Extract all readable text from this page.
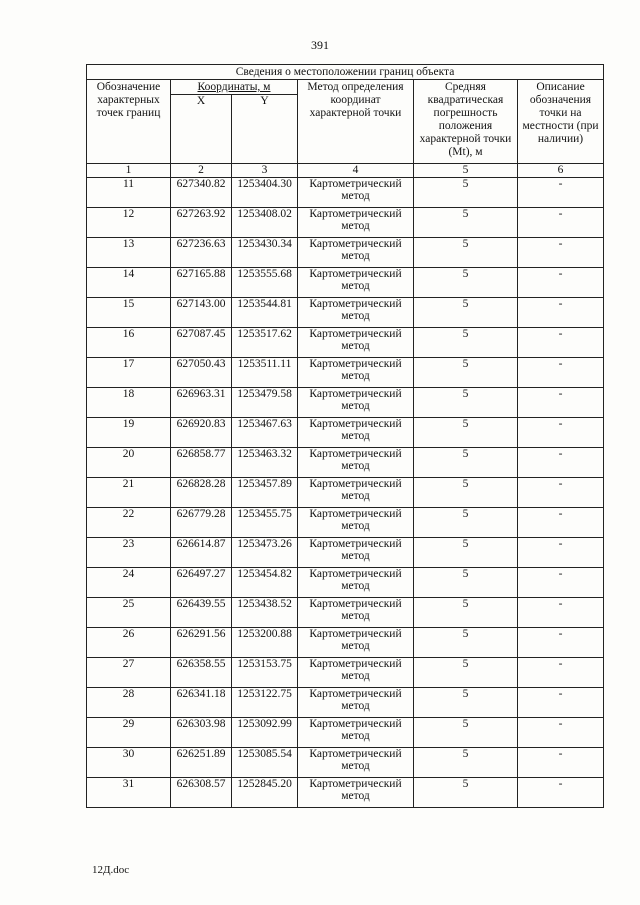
391
Сведения о местоположении границ объекта					
Обозначение характерных точек границ	Координаты, м		Метод определения координат характерной точки	Средняя квадратическая погрешность положения характерной точки (Mt), м	Описание обозначения точки на местности (при наличии)
	X	Y			
1	2	3	4	5	6
11	627340.82	1253404.30	Картометрический метод	5	-
12	627263.92	1253408.02	Картометрический метод	5	-
13	627236.63	1253430.34	Картометрический метод	5	-
14	627165.88	1253555.68	Картометрический метод	5	-
15	627143.00	1253544.81	Картометрический метод	5	-
16	627087.45	1253517.62	Картометрический метод	5	-
17	627050.43	1253511.11	Картометрический метод	5	-
18	626963.31	1253479.58	Картометрический метод	5	-
19	626920.83	1253467.63	Картометрический метод	5	-
20	626858.77	1253463.32	Картометрический метод	5	-
21	626828.28	1253457.89	Картометрический метод	5	-
22	626779.28	1253455.75	Картометрический метод	5	-
23	626614.87	1253473.26	Картометрический метод	5	-
24	626497.27	1253454.82	Картометрический метод	5	-
25	626439.55	1253438.52	Картометрический метод	5	-
26	626291.56	1253200.88	Картометрический метод	5	-
27	626358.55	1253153.75	Картометрический метод	5	-
28	626341.18	1253122.75	Картометрический метод	5	-
29	626303.98	1253092.99	Картометрический метод	5	-
30	626251.89	1253085.54	Картометрический метод	5	-
31	626308.57	1252845.20	Картометрический метод	5	-
12Д.doc
